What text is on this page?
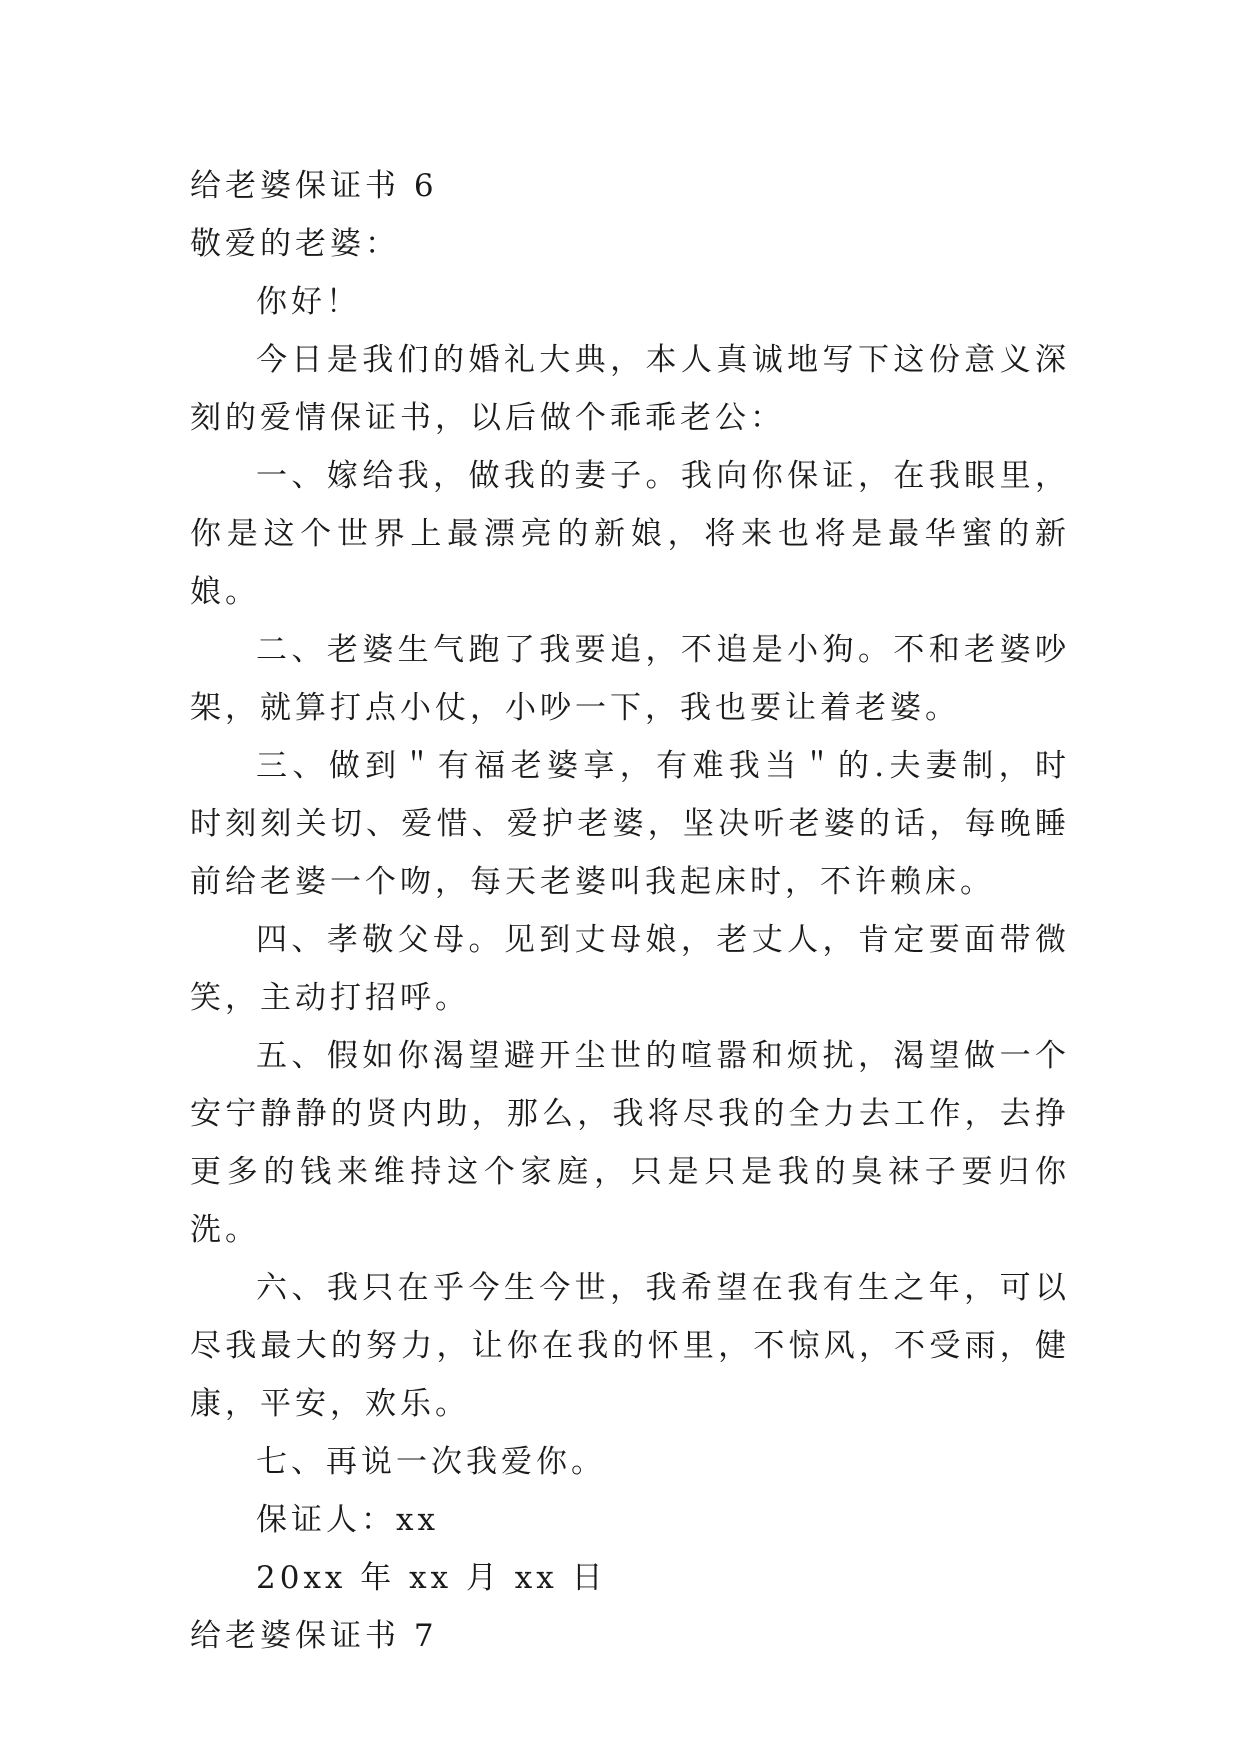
给老婆保证书 6

敬爱的老婆：

你好！

今日是我们的婚礼大典，本人真诚地写下这份意义深刻的爱情保证书，以后做个乖乖老公：

一、嫁给我，做我的妻子。我向你保证，在我眼里，你是这个世界上最漂亮的新娘，将来也将是最华蜜的新娘。

二、老婆生气跑了我要追，不追是小狗。不和老婆吵架，就算打点小仗，小吵一下，我也要让着老婆。

三、做到＂有福老婆享，有难我当＂的.夫妻制，时时刻刻关切、爱惜、爱护老婆，坚决听老婆的话，每晚睡前给老婆一个吻，每天老婆叫我起床时，不许赖床。

四、孝敬父母。见到丈母娘，老丈人，肯定要面带微笑，主动打招呼。

五、假如你渴望避开尘世的喧嚣和烦扰，渴望做一个安宁静静的贤内助，那么，我将尽我的全力去工作，去挣更多的钱来维持这个家庭，只是只是我的臭袜子要归你洗。

六、我只在乎今生今世，我希望在我有生之年，可以尽我最大的努力，让你在我的怀里，不惊风，不受雨，健康，平安，欢乐。

七、再说一次我爱你。

保证人：xx

20xx 年 xx 月 xx 日

给老婆保证书 7
